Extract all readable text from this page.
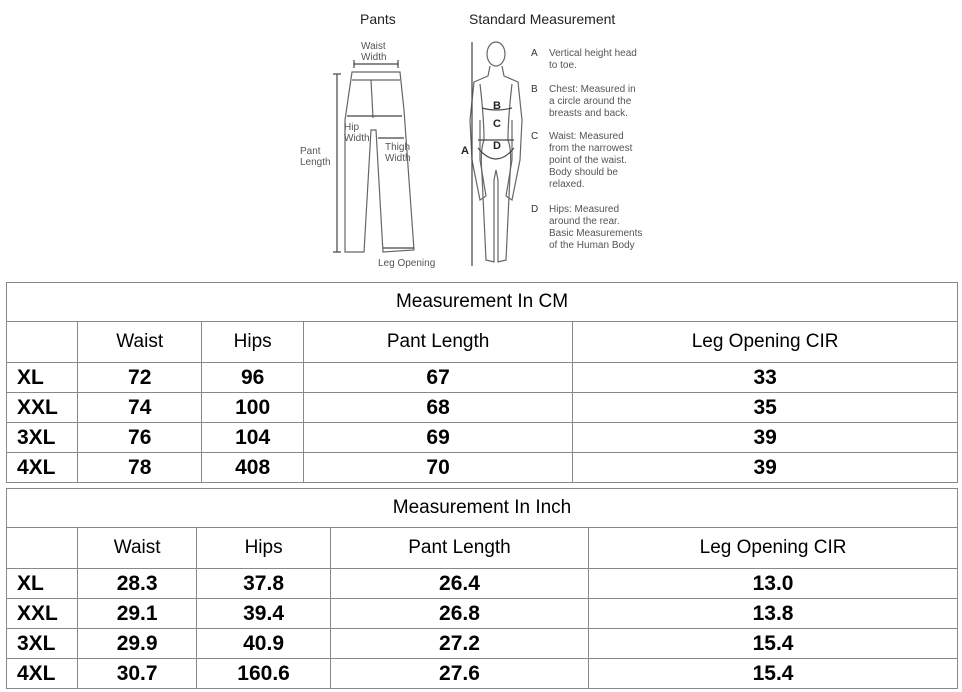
Pants	Standard Measurement
Waist
Width
Hip
Width
Pant
Length
Thigh
Width
Leg Opening
A
B
C
D
A Vertical height head
to toe.
B Chest: Measured in
a circle around the
breasts and back.
C Waist: Measured
from the narrowest
point of the waist.
Body should be
relaxed.
D Hips: Measured
around the rear.
Basic Measurements
of the Human Body
Measurement In CM				
	Waist	Hips	Pant Length	Leg Opening CIR
XL	72	96	67	33
XXL	74	100	68	35
3XL	76	104	69	39
4XL	78	408	70	39
Measurement In Inch				
	Waist	Hips	Pant Length	Leg Opening CIR
XL	28.3	37.8	26.4	13.0
XXL	29.1	39.4	26.8	13.8
3XL	29.9	40.9	27.2	15.4
4XL	30.7	160.6	27.6	15.4
